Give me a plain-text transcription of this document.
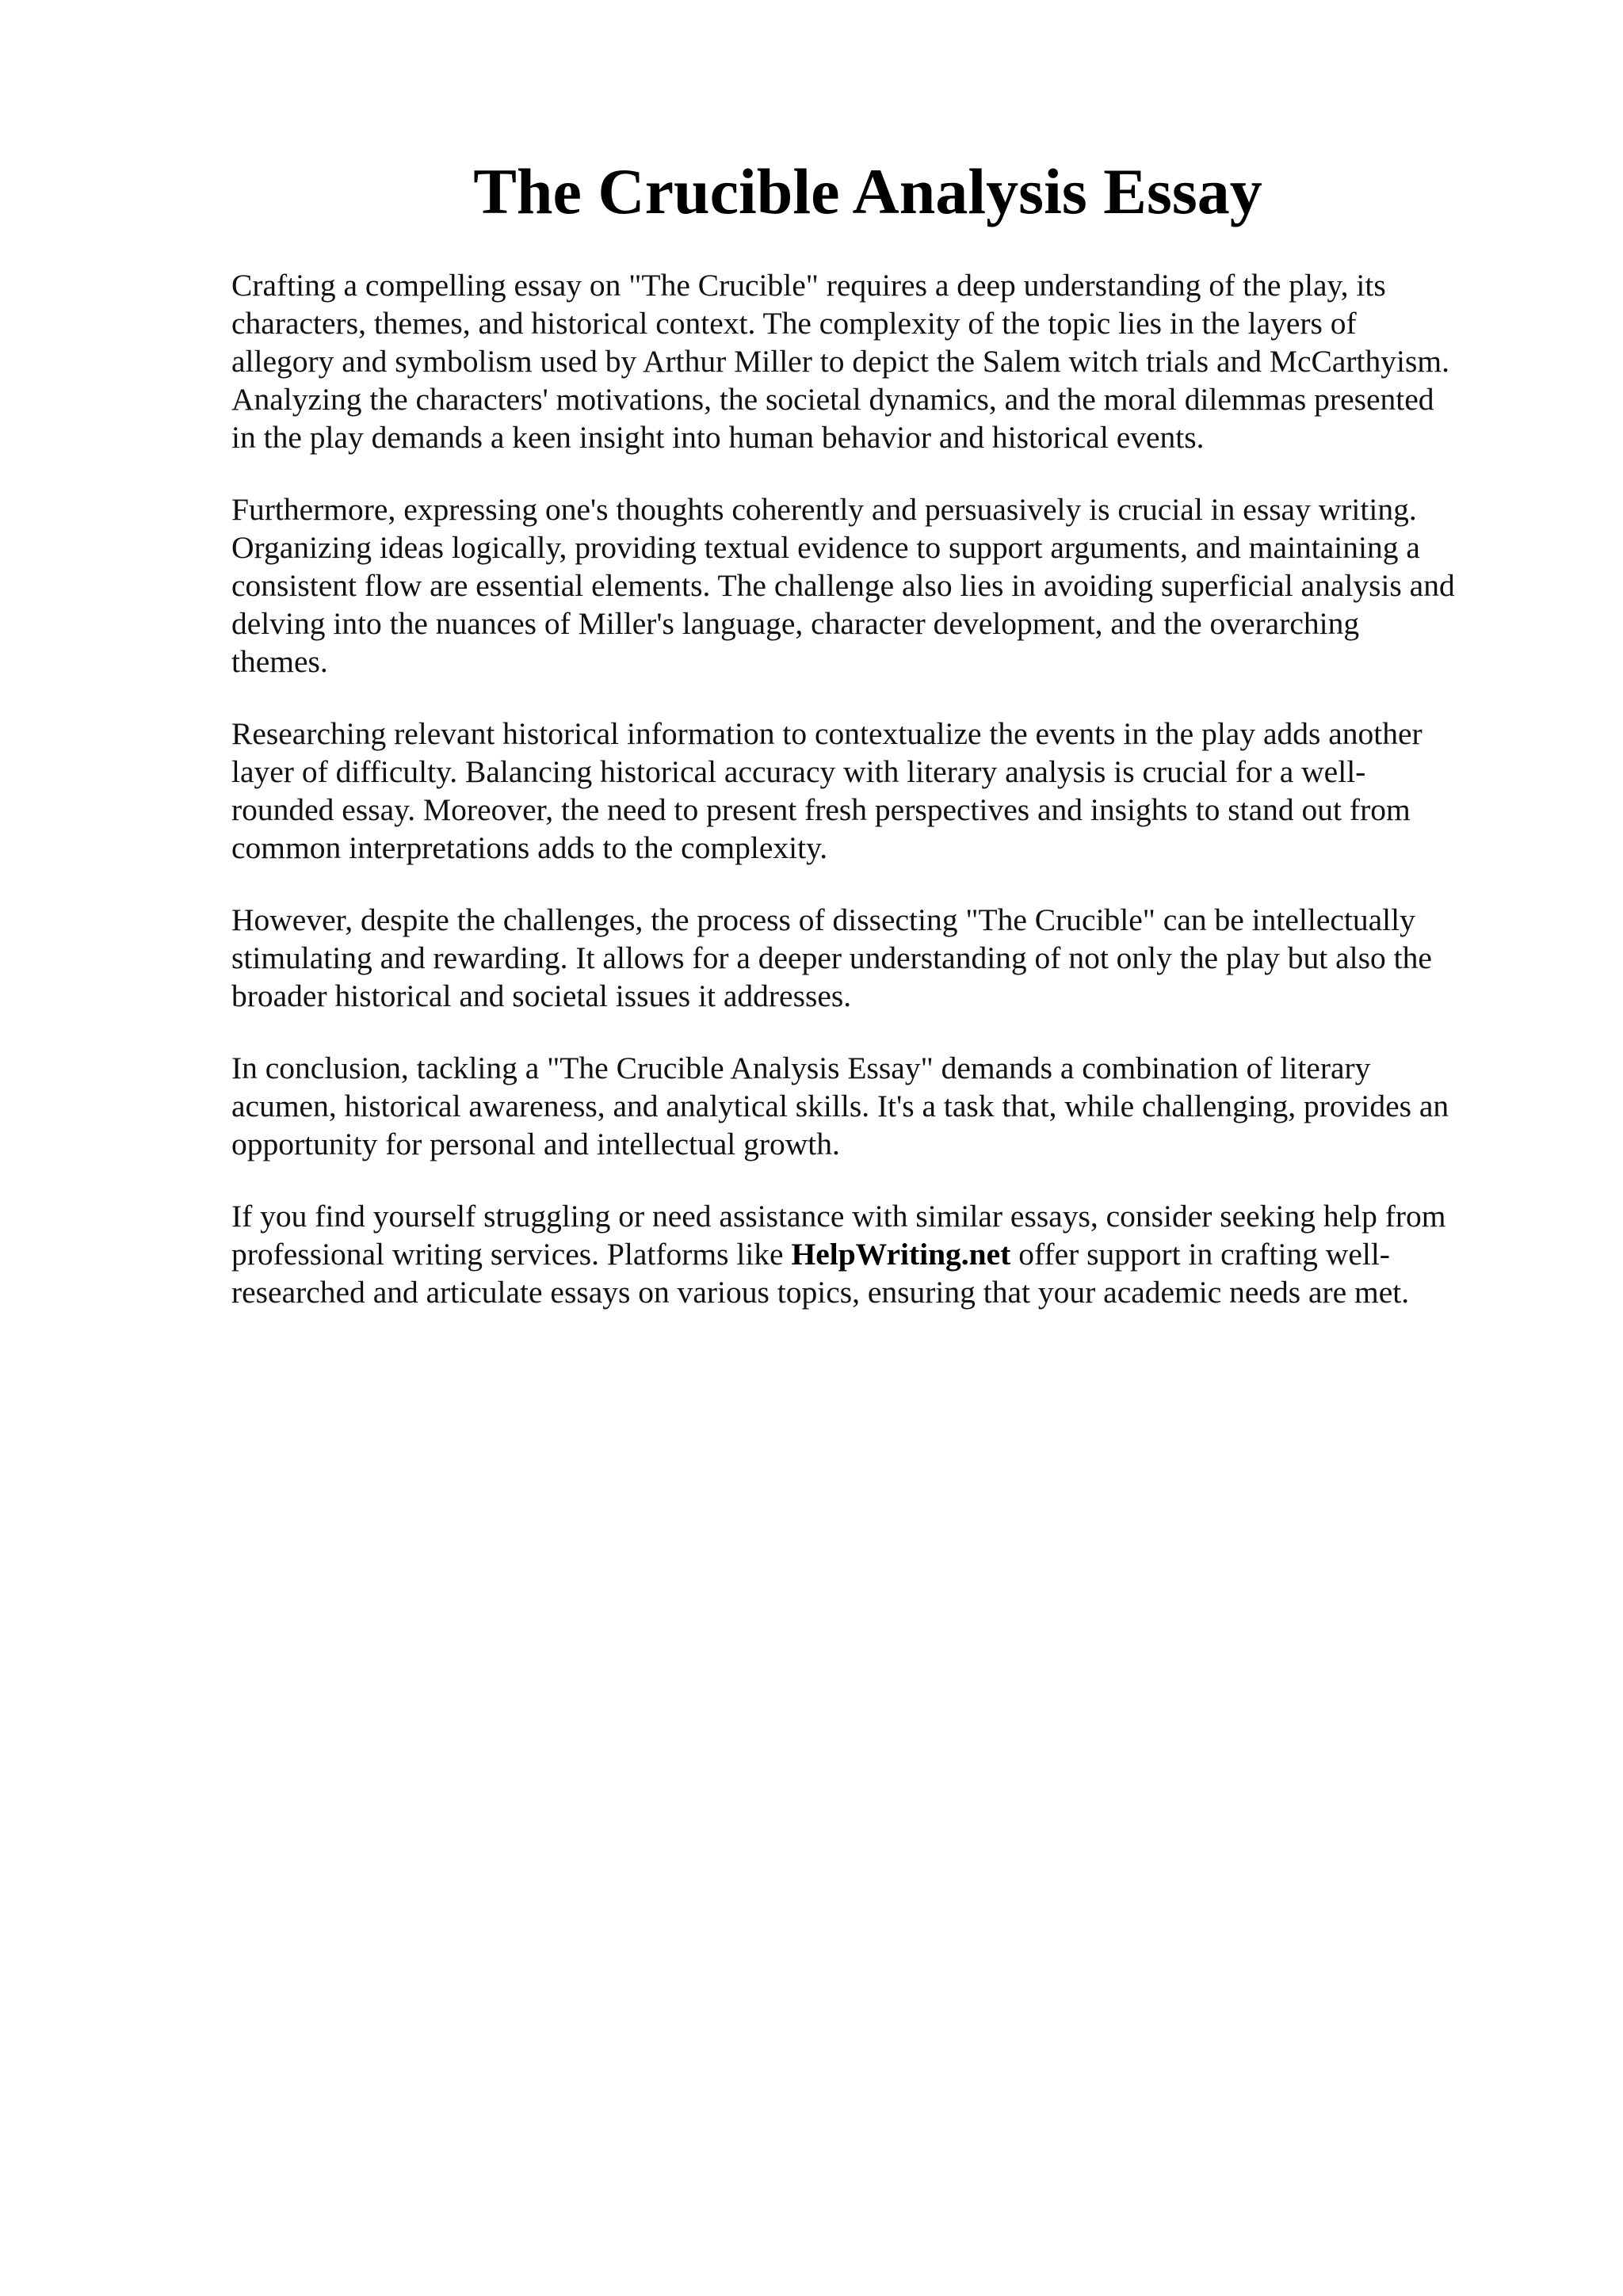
The Crucible Analysis Essay

Crafting a compelling essay on "The Crucible" requires a deep understanding of the play, its
characters, themes, and historical context. The complexity of the topic lies in the layers of
allegory and symbolism used by Arthur Miller to depict the Salem witch trials and McCarthyism.
Analyzing the characters' motivations, the societal dynamics, and the moral dilemmas presented
in the play demands a keen insight into human behavior and historical events.

Furthermore, expressing one's thoughts coherently and persuasively is crucial in essay writing.
Organizing ideas logically, providing textual evidence to support arguments, and maintaining a
consistent flow are essential elements. The challenge also lies in avoiding superficial analysis and
delving into the nuances of Miller's language, character development, and the overarching
themes.

Researching relevant historical information to contextualize the events in the play adds another
layer of difficulty. Balancing historical accuracy with literary analysis is crucial for a well-
rounded essay. Moreover, the need to present fresh perspectives and insights to stand out from
common interpretations adds to the complexity.

However, despite the challenges, the process of dissecting "The Crucible" can be intellectually
stimulating and rewarding. It allows for a deeper understanding of not only the play but also the
broader historical and societal issues it addresses.

In conclusion, tackling a "The Crucible Analysis Essay" demands a combination of literary
acumen, historical awareness, and analytical skills. It's a task that, while challenging, provides an
opportunity for personal and intellectual growth.

If you find yourself struggling or need assistance with similar essays, consider seeking help from
professional writing services. Platforms like HelpWriting.net offer support in crafting well-
researched and articulate essays on various topics, ensuring that your academic needs are met.
